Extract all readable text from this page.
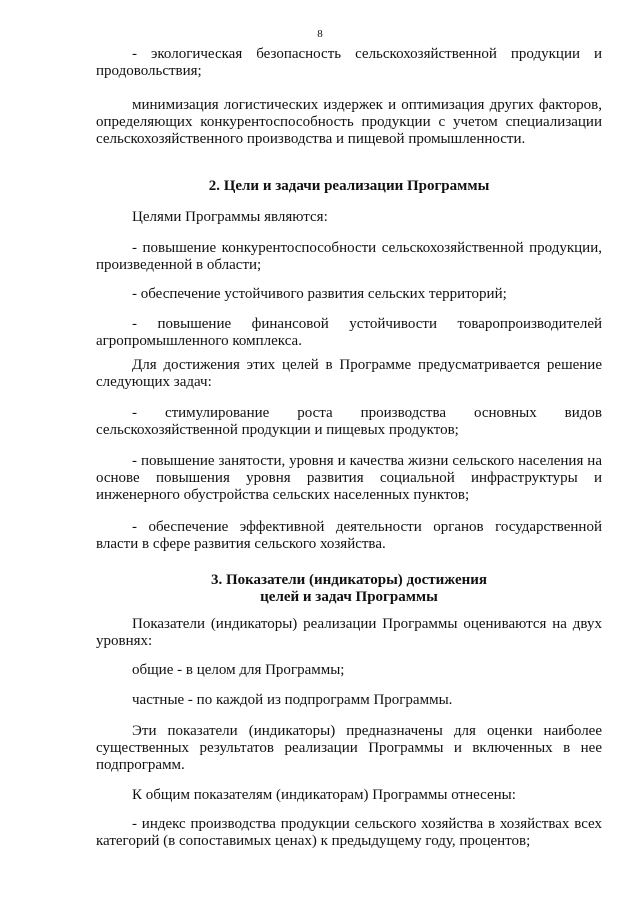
8

- экологическая безопасность сельскохозяйственной продукции и продовольствия;

минимизация логистических издержек и оптимизация других факторов, определяющих конкурентоспособность продукции с учетом специализации сельскохозяйственного производства и пищевой промышленности.

2. Цели и задачи реализации Программы

Целями Программы являются:

- повышение конкурентоспособности сельскохозяйственной продукции, произведенной в области;

- обеспечение устойчивого развития сельских территорий;

- повышение финансовой устойчивости товаропроизводителей агропромышленного комплекса.

Для достижения этих целей в Программе предусматривается решение следующих задач:

- стимулирование роста производства основных видов сельскохозяйственной продукции и пищевых продуктов;

- повышение занятости, уровня и качества жизни сельского населения на основе повышения уровня развития социальной инфраструктуры и инженерного обустройства сельских населенных пунктов;

- обеспечение эффективной деятельности органов государственной власти в сфере развития сельского хозяйства.

3. Показатели (индикаторы) достижения
целей и задач Программы

Показатели (индикаторы) реализации Программы оцениваются на двух уровнях:

общие - в целом для Программы;

частные - по каждой из подпрограмм Программы.

Эти показатели (индикаторы) предназначены для оценки наиболее существенных результатов реализации Программы и включенных в нее подпрограмм.

К общим показателям (индикаторам) Программы отнесены:

- индекс производства продукции сельского хозяйства в хозяйствах всех категорий (в сопоставимых ценах) к предыдущему году, процентов;
